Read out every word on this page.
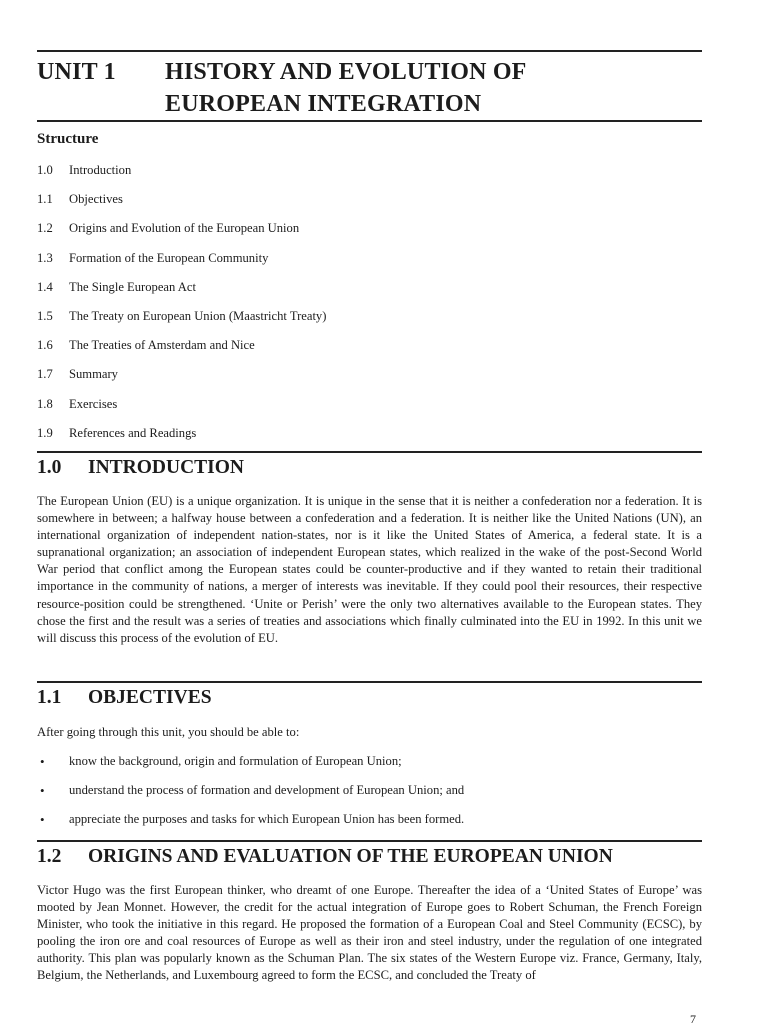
UNIT 1 HISTORY AND EVOLUTION OF
EUROPEAN INTEGRATION
Structure
1.0 Introduction
1.1 Objectives
1.2 Origins and Evolution of the European Union
1.3 Formation of the European Community
1.4 The Single European Act
1.5 The Treaty on European Union (Maastricht Treaty)
1.6 The Treaties of Amsterdam and Nice
1.7 Summary
1.8 Exercises
1.9 References and Readings
1.0 INTRODUCTION

The European Union (EU) is a unique organization. It is unique in the sense that it is neither a confederation nor a federation. It is somewhere in between; a halfway house between a confederation and a federation. It is neither like the United Nations (UN), an international organization of independent nation-states, nor is it like the United States of America, a federal state. It is a supranational organization; an association of independent European states, which realized in the wake of the post-Second World War period that conflict among the European states could be counter-productive and if they wanted to retain their traditional importance in the community of nations, a merger of interests was inevitable. If they could pool their resources, their respective resource-position could be strengthened. ‘Unite or Perish’ were the only two alternatives available to the European states. They chose the first and the result was a series of treaties and associations which finally culminated into the EU in 1992. In this unit we will discuss this process of the evolution of EU.

1.1 OBJECTIVES

After going through this unit, you should be able to:

• know the background, origin and formulation of European Union;
• understand the process of formation and development of European Union; and
• appreciate the purposes and tasks for which European Union has been formed.
1.2 ORIGINS AND EVALUATION OF THE EUROPEAN UNION

Victor Hugo was the first European thinker, who dreamt of one Europe. Thereafter the idea of a ‘United States of Europe’ was mooted by Jean Monnet. However, the credit for the actual integration of Europe goes to Robert Schuman, the French Foreign Minister, who took the initiative in this regard. He proposed the formation of a European Coal and Steel Community (ECSC), by pooling the iron ore and coal resources of Europe as well as their iron and steel industry, under the regulation of one integrated authority. This plan was popularly known as the Schuman Plan. The six states of the Western Europe viz. France, Germany, Italy, Belgium, the Netherlands, and Luxembourg agreed to form the ECSC, and concluded the Treaty of

7
